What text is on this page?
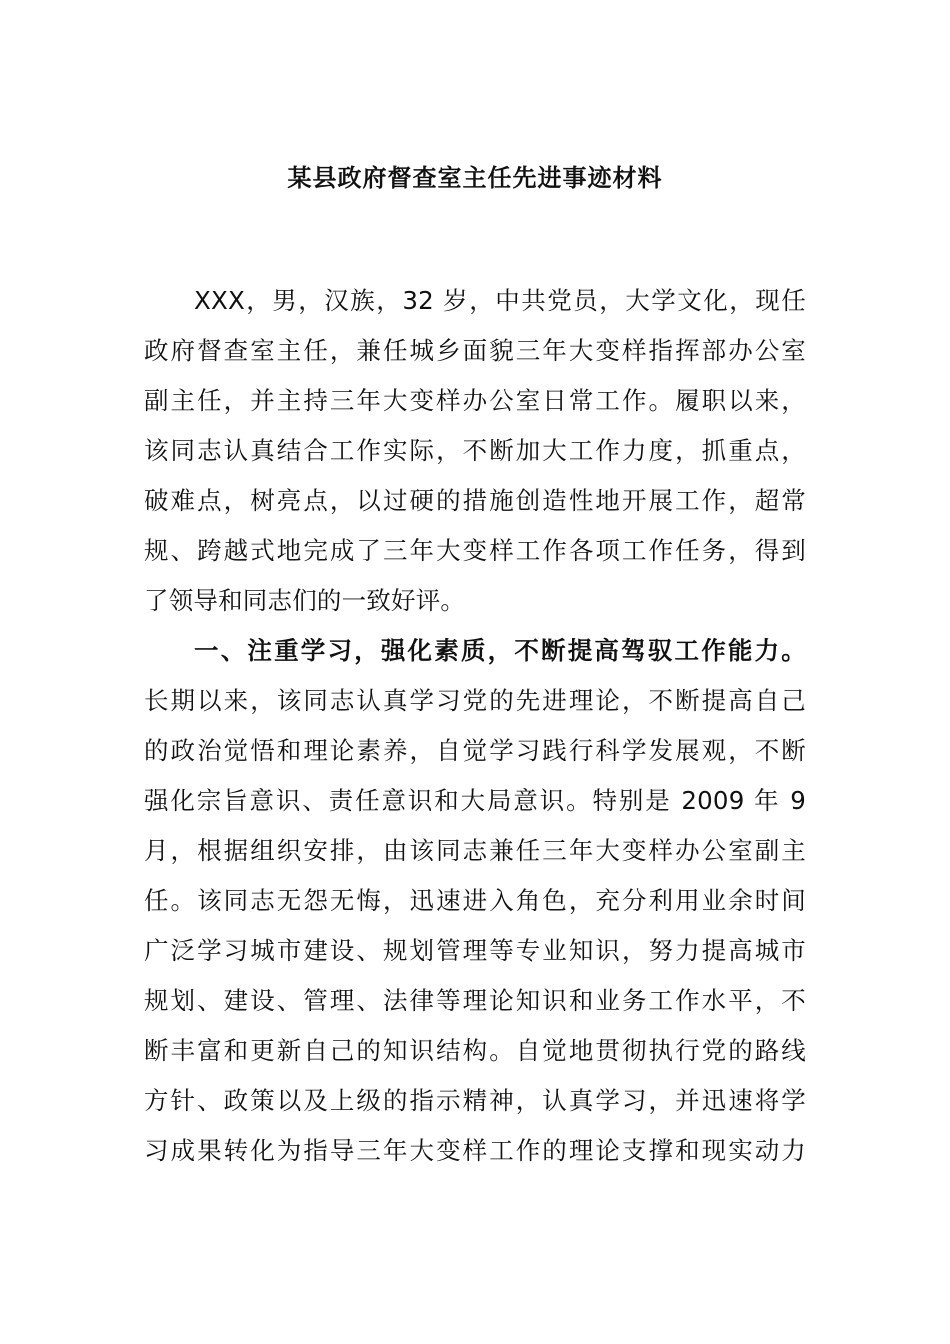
某县政府督查室主任先进事迹材料
XXX，男，汉族，32 岁，中共党员，大学文化，现任
政府督查室主任，兼任城乡面貌三年大变样指挥部办公室
副主任，并主持三年大变样办公室日常工作。履职以来，
该同志认真结合工作实际，不断加大工作力度，抓重点，
破难点，树亮点，以过硬的措施创造性地开展工作，超常
规、跨越式地完成了三年大变样工作各项工作任务，得到
了领导和同志们的一致好评。
一、注重学习，强化素质，不断提高驾驭工作能力。
长期以来，该同志认真学习党的先进理论，不断提高自己
的政治觉悟和理论素养，自觉学习践行科学发展观，不断
强化宗旨意识、责任意识和大局意识。特别是 2009 年 9
月，根据组织安排，由该同志兼任三年大变样办公室副主
任。该同志无怨无悔，迅速进入角色，充分利用业余时间
广泛学习城市建设、规划管理等专业知识，努力提高城市
规划、建设、管理、法律等理论知识和业务工作水平，不
断丰富和更新自己的知识结构。自觉地贯彻执行党的路线
方针、政策以及上级的指示精神，认真学习，并迅速将学
习成果转化为指导三年大变样工作的理论支撑和现实动力
